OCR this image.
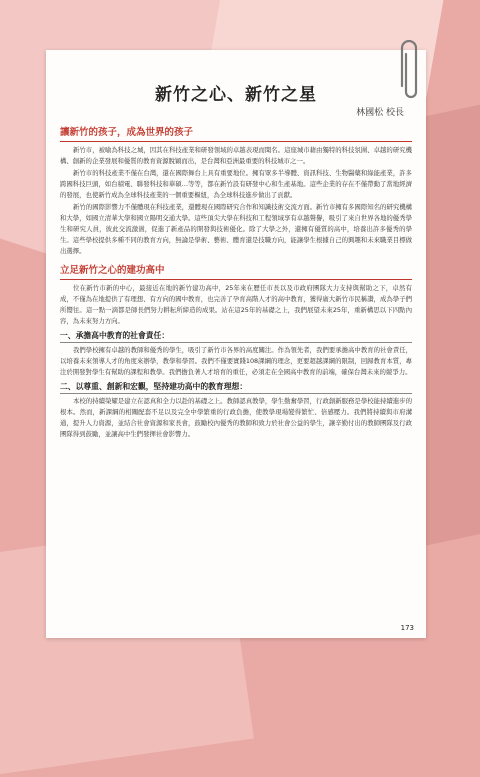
新竹之心、新竹之星
林國松 校長
讓新竹的孩子，成為世界的孩子

新竹市，被喻為科技之城，因其在科技產業和研發領域的卓越表現而聞名。這座城市藉由獨特的科技氛圍、卓越的研究機構、創新的企業發展和優質的教育資源脫穎而出，是台灣和亞洲最重要的科技城市之一。

新竹市的科技產業不僅在台灣，還在國際舞台上具有重要地位。擁有眾多半導體、資訊科技、生物醫藥和綠能產業，許多跨國科技巨頭，如台積電、聯發科技和華碩…等等，都在新竹設有研發中心和生產基地。這些企業的存在不僅帶動了當地經濟的發展，也使新竹成為全球科技產業的一個重要樞紐，為全球科技進步做出了貢獻。

新竹的國際影響力不僅體現在科技產業，還體現在國際研究合作和知識技術交流方面。新竹市擁有多國際知名的研究機構和大學，如國立清華大學和國立陽明交通大學。這些頂尖大學在科技和工程領域享有卓越聲譽，吸引了來自世界各地的優秀學生和研究人員，彼此交流激盪，促進了新產品的開發與技術優化。除了大學之外，還擁有優質的高中，培養出許多優秀的學生。這些學校提供多種不同的教育方向，無論是學術、藝術、體育還是技職方向，能讓學生根據自己的興趣和未來職業目標做出選擇。

立足新竹之心的建功高中

位在新竹市新的中心，最接近在地的新竹建功高中，25年來在歷任市長以及市政府團隊大力支持與幫助之下，卓然有成，不僅為在地提供了有理想、有方向的國中教育，也完善了孕育高階人才的高中教育，獲得廣大新竹市民稱讚，成為學子們所嚮往。這一點一滴都是師長們努力耕耘所締造的成果。站在這25年的基礎之上，我們展望未來25年，重新構思以下四點內容，為未來努力方向。

一、承擔高中教育的社會責任：

我們學校擁有卓越的教師和優秀的學生，吸引了新竹市各界的高度關注。作為領先者，我們要承擔高中教育的社會責任，以培養未來領導人才的角度來辦學，教學和學習。我們不僅要實踐108課綱的理念，更要超越課綱的限制，回歸教育本質，專注於開發對學生有幫助的課程和教學。我們擔負著人才培育的重任，必須走在全國高中教育的前端，確保台灣未來的競爭力。

二、以尊重、創新和宏觀，堅持建功高中的教育理想：

本校的持續榮耀是建立在認真和全力以赴的基礎之上。教師認真教學，學生勤奮學習，行政創新服務是學校能持續進步的根本。然而，新課綱的相關配套不足以及完全中學繁重的行政負擔，使教學現場變得繁忙、倍感壓力。我們將持續與市府溝通，提升人力資源，並結合社會資源和家長會，鼓勵校內優秀的教師和致力於社會公益的學生，讓辛勤付出的教師團隊及行政團隊得到鼓勵，並讓高中生們發揮社會影響力。

173
